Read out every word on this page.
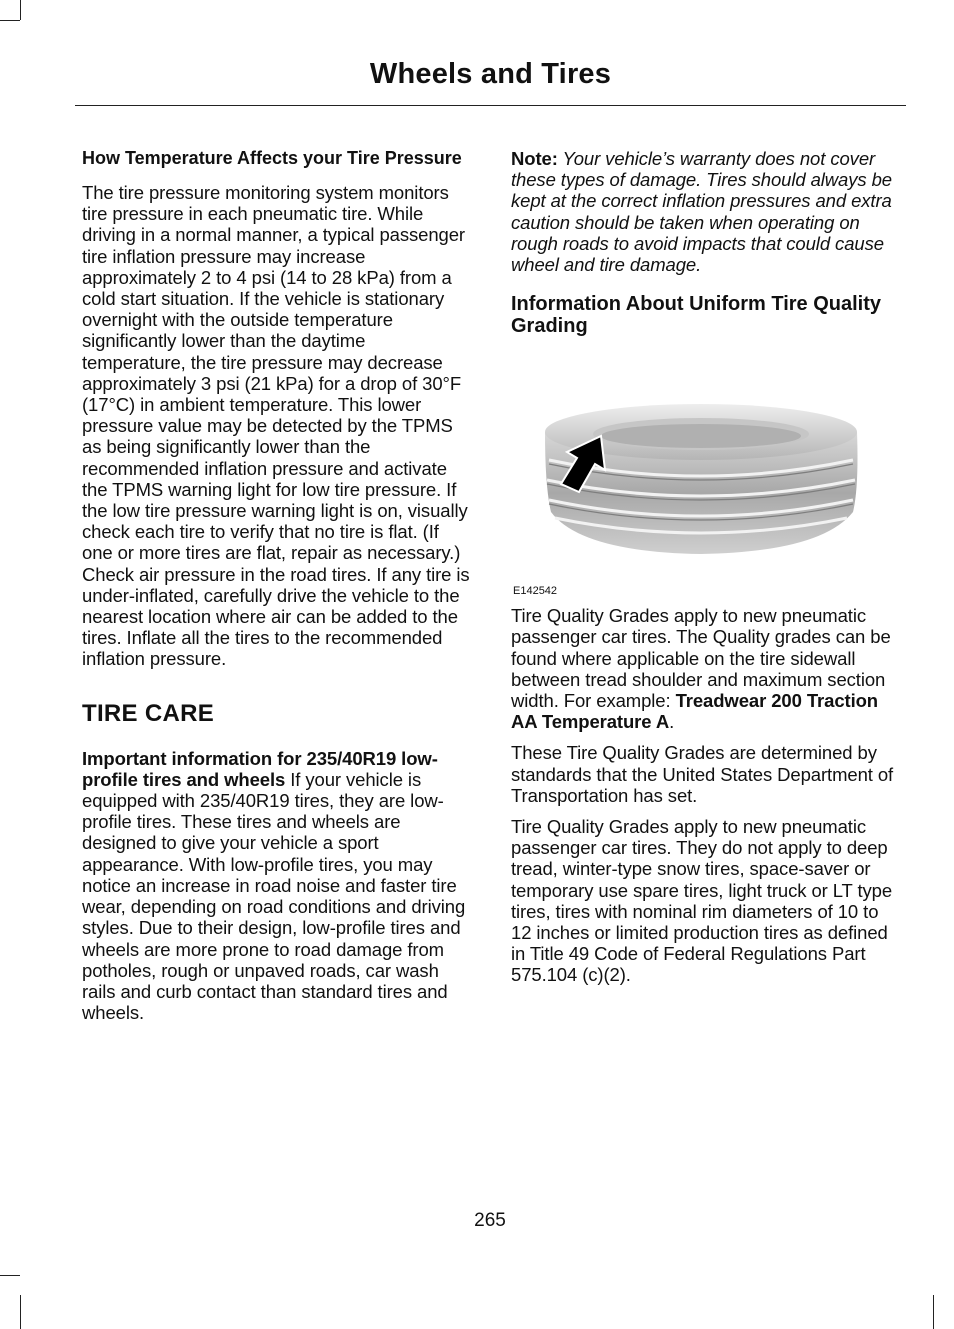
Wheels and Tires

How Temperature Affects your Tire Pressure

The tire pressure monitoring system monitors tire pressure in each pneumatic tire. While driving in a normal manner, a typical passenger tire inflation pressure may increase approximately 2 to 4 psi (14 to 28 kPa) from a cold start situation. If the vehicle is stationary overnight with the outside temperature significantly lower than the daytime temperature, the tire pressure may decrease approximately 3 psi (21 kPa) for a drop of 30°F (17°C) in ambient temperature. This lower pressure value may be detected by the TPMS as being significantly lower than the recommended inflation pressure and activate the TPMS warning light for low tire pressure. If the low tire pressure warning light is on, visually check each tire to verify that no tire is flat. (If one or more tires are flat, repair as necessary.) Check air pressure in the road tires. If any tire is under-inflated, carefully drive the vehicle to the nearest location where air can be added to the tires. Inflate all the tires to the recommended inflation pressure.

TIRE CARE

Important information for 235/40R19 low-profile tires and wheels If your vehicle is equipped with 235/40R19 tires, they are low-profile tires. These tires and wheels are designed to give your vehicle a sport appearance. With low-profile tires, you may notice an increase in road noise and faster tire wear, depending on road conditions and driving styles. Due to their design, low-profile tires and wheels are more prone to road damage from potholes, rough or unpaved roads, car wash rails and curb contact than standard tires and wheels.

Note: Your vehicle’s warranty does not cover these types of damage. Tires should always be kept at the correct inflation pressures and extra caution should be taken when operating on rough roads to avoid impacts that could cause wheel and tire damage.

Information About Uniform Tire Quality Grading

E142542

Tire Quality Grades apply to new pneumatic passenger car tires. The Quality grades can be found where applicable on the tire sidewall between tread shoulder and maximum section width. For example: Treadwear 200 Traction AA Temperature A.

These Tire Quality Grades are determined by standards that the United States Department of Transportation has set.

Tire Quality Grades apply to new pneumatic passenger car tires. They do not apply to deep tread, winter-type snow tires, space-saver or temporary use spare tires, light truck or LT type tires, tires with nominal rim diameters of 10 to 12 inches or limited production tires as defined in Title 49 Code of Federal Regulations Part 575.104 (c)(2).

265
